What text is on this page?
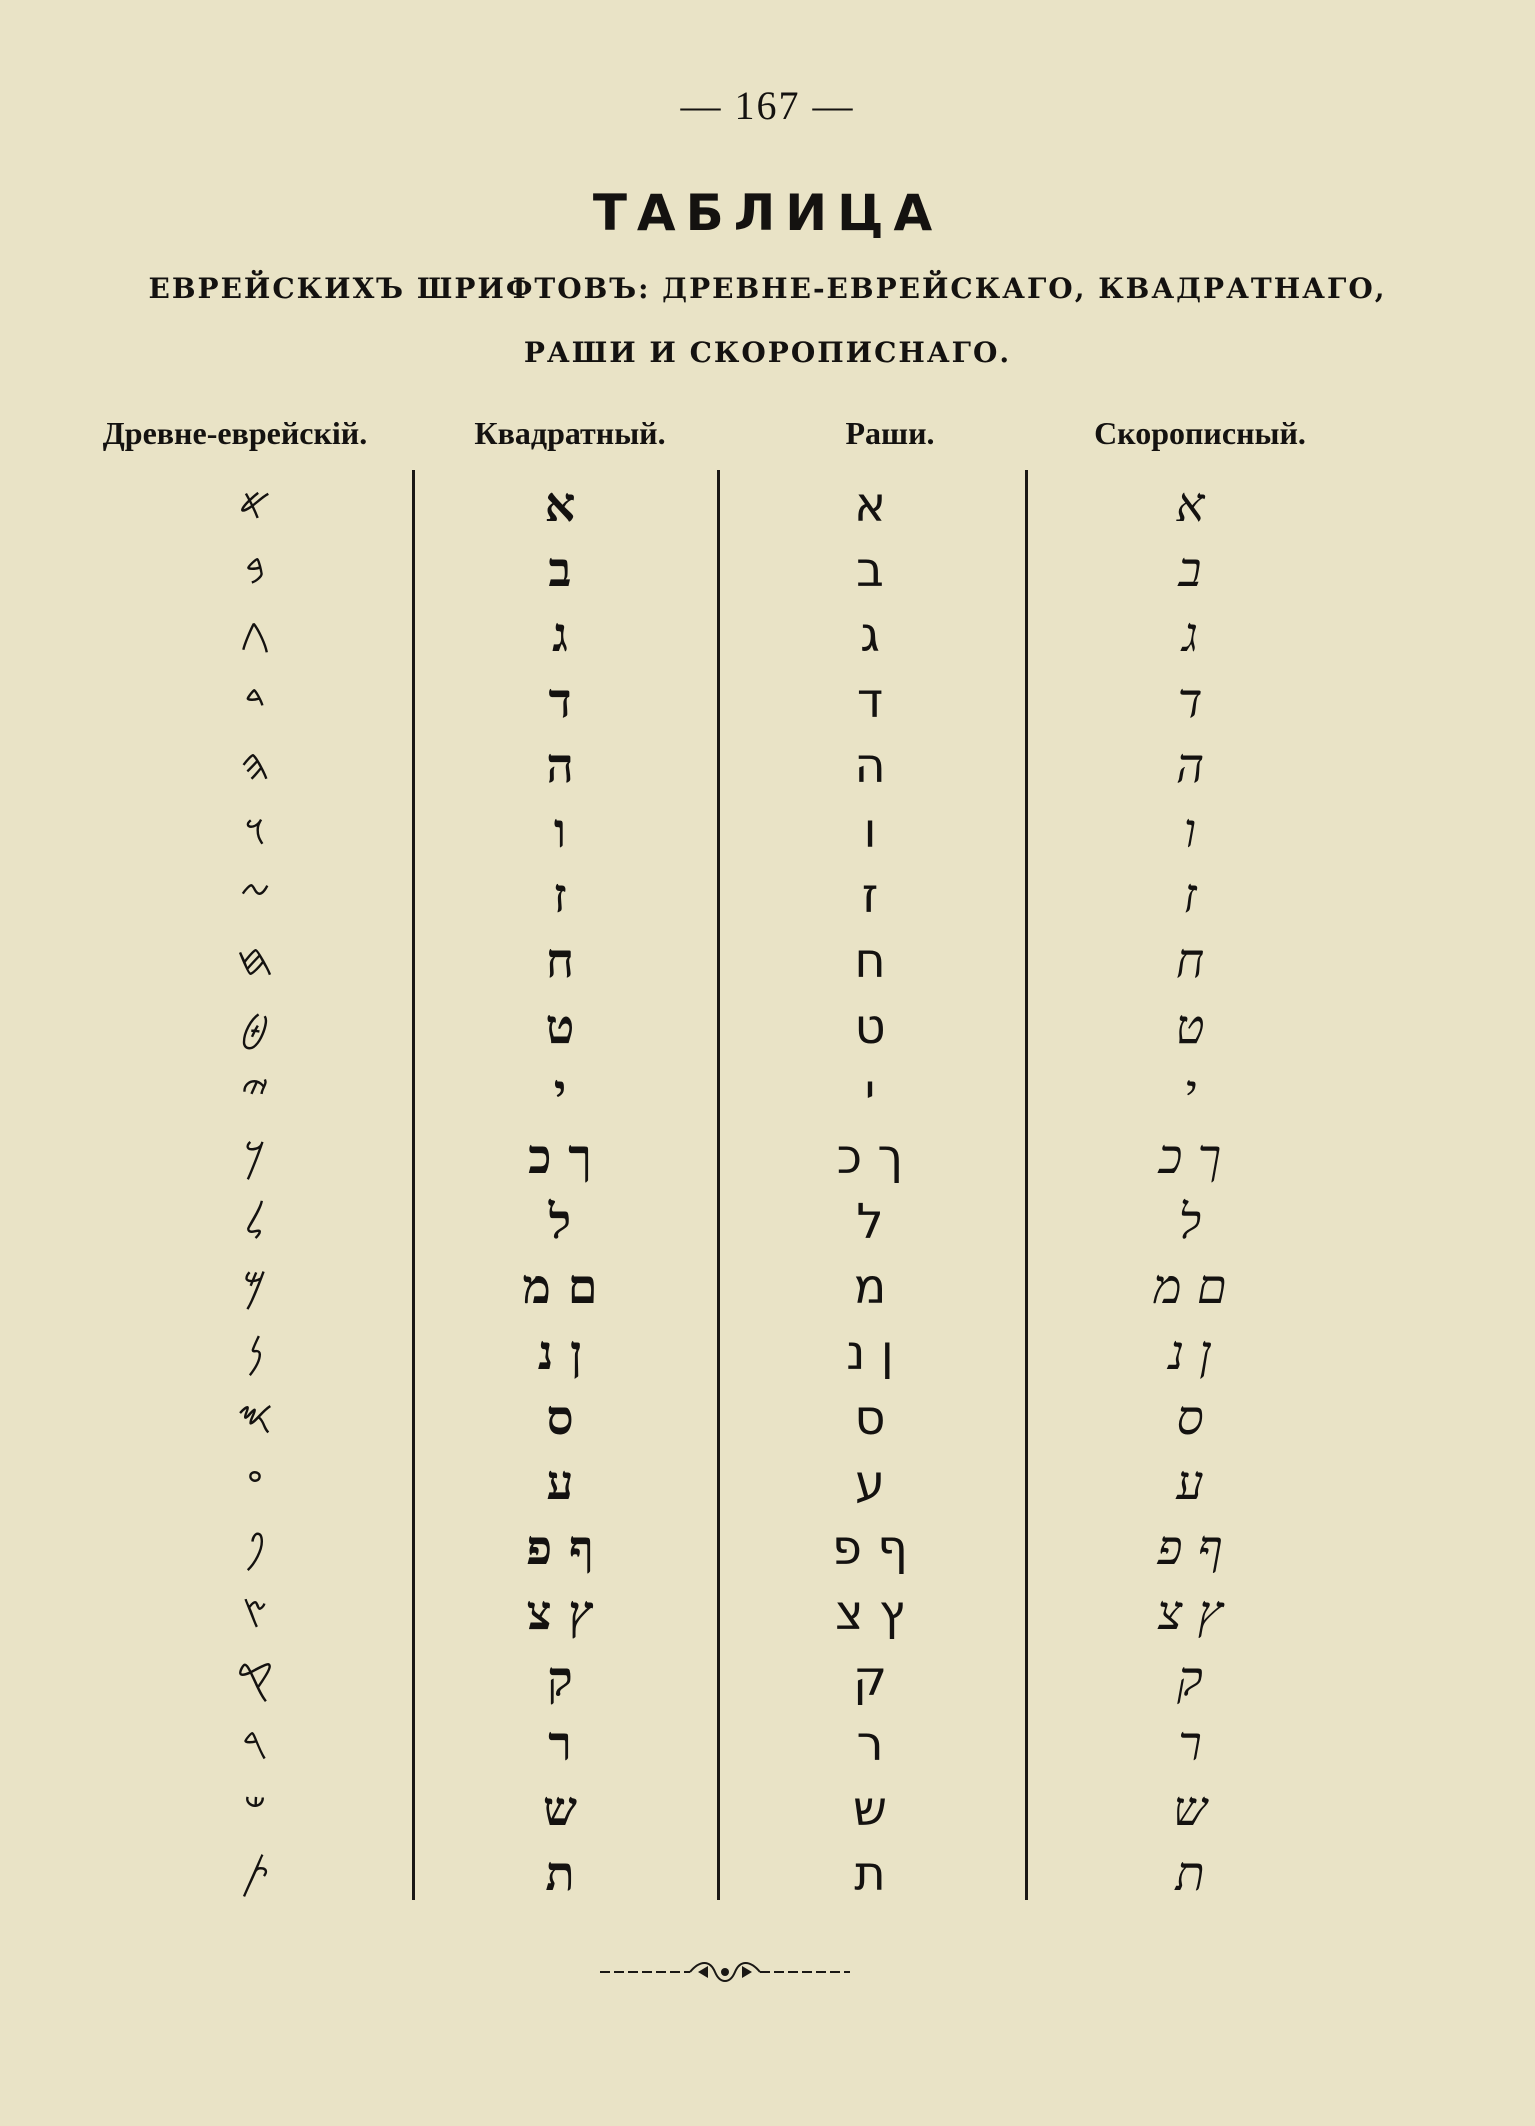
— 167 —
ТАБЛИЦА
ЕВРЕЙСКИХЪ ШРИФТОВЪ: ДРЕВНЕ-ЕВРЕЙСКАГО, КВАДРАТНАГО,
РАШИ И СКОРОПИСНАГО.
Древне-еврейскій.	Квадратный.	Раши.	Скорописный.
𐤀	א	א	א
𐤁	ב	ב	ב
𐤂	ג	ג	ג
𐤃	ד	ד	ד
𐤄	ה	ה	ה
𐤅	ו	ו	ו
𐤆	ז	ז	ז
𐤇	ח	ח	ח
𐤈	ט	ט	ט
𐤉	י	י	י
𐤊	ך כ	ך כ	ך כ
𐤋	ל	ל	ל
𐤌	ם מ	מ	ם מ
𐤍	ן נ	ן נ	ן נ
𐤎	ס	ס	ס
𐤏	ע	ע	ע
𐤐	ף פ	ף פ	ף פ
𐤑	ץ צ	ץ צ	ץ צ
𐤒	ק	ק	ק
𐤓	ר	ר	ר
𐤔	ש	ש	ש
𐤕	ת	ת	ת
